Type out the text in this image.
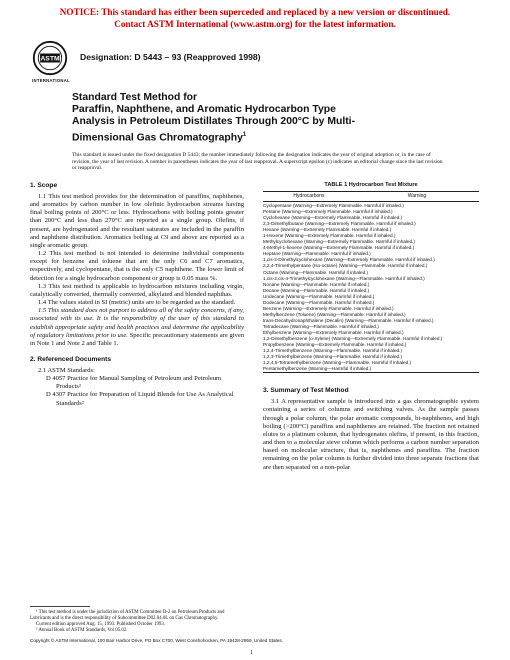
NOTICE: This standard has either been superceded and replaced by a new version or discontinued.
Contact ASTM International (www.astm.org) for the latest information.
ASTM
INTERNATIONAL
Designation: D 5443 – 93 (Reapproved 1998)
Standard Test Method for
Paraffin, Naphthene, and Aromatic Hydrocarbon Type
Analysis in Petroleum Distillates Through 200°C by Multi-
Dimensional Gas Chromatography$^1$
This standard is issued under the fixed designation D 5443; the number immediately following the designation indicates the year of original adoption or, in the case of revision, the year of last revision. A number in parentheses indicates the year of last reapproval. A superscript epsilon (ε) indicates an editorial change since the last revision or reapproval.
1. Scope

1.1 This test method provides for the determination of paraffins, naphthenes, and aromatics by carbon number in low olefinic hydrocarbon streams having final boiling points of 200°C or less. Hydrocarbons with boiling points greater than 200°C and less than 270°C are reported as a single group. Olefins, if present, are hydrogenated and the resultant saturates are included in the paraffin and naphthene distribution. Aromatics boiling at C9 and above are reported as a single aromatic group.

1.2 This test method is not intended to determine individual components except for benzene and toluene that are the only C6 and C7 aromatics, respectively, and cyclopentane, that is the only C5 naphthene. The lower limit of detection for a single hydrocarbon component or group is 0.05 mass %.

1.3 This test method is applicable to hydrocarbon mixtures including virgin, catalytically converted, thermally converted, alkylated and blended naphthas.

1.4 The values stated in SI (metric) units are to be regarded as the standard.

1.5 This standard does not purport to address all of the safety concerns, if any, associated with its use. It is the responsibility of the user of this standard to establish appropriate safety and health practices and determine the applicability of regulatory limitations prior to use. Specific precautionary statements are given in Note 1 and Note 2 and Table 1.

2. Referenced Documents
2.1 ASTM Standards:
D 4057 Practice for Manual Sampling of Petroleum and Petroleum Products²
D 4307 Practice for Preparation of Liquid Blends for Use As Analytical Standards²
¹ This test method is under the jurisdiction of ASTM Committee D-2 on Petroleum Products and Lubricants and is the direct responsibility of Subcommittee D02.04.0L on Gas Chromatography.
Current edition approved Aug. 15, 1993. Published October 1993.
² Annual Book of ASTM Standards, Vol 05.02.
TABLE 1 Hydrocarbon Test Mixture
Hydrocarbons	Warning
Cyclopentane (Warning—Extremely Flammable. Harmful if inhaled.)
Pentane (Warning—Extremely Flammable. Harmful if inhaled.)
Cyclohexane (Warning—Extremely Flammable. Harmful if inhaled.)
2,3-Dimethylbutane (Warning—Extremely Flammable. Harmful if inhaled.)
Hexane (Warning—Extremely Flammable. Harmful if inhaled.)
1-Hexene (Warning—Extremely Flammable. Harmful if inhaled.)
Methylcyclohexane (Warning—Extremely Flammable. Harmful if inhaled.)
4-Methyl-1-hexene (Warning—Extremely Flammable. Harmful if inhaled.)
Heptane (Warning—Flammable. Harmful if inhaled.)
1,cis-2-Dimethylcyclohexane (Warning—Extremely Flammable. Harmful if inhaled.)
2,2,4-Trimethylpentane (Iso-octane) (Warning—Flammable. Harmful if inhaled.)
Octane (Warning—Flammable. Harmful if inhaled.)
1,cis-2,cis-4-Trimethylcyclohexane (Warning—Flammable. Harmful if inhaled.)
Nonane (Warning—Flammable. Harmful if inhaled.)
Decane (Warning—Flammable. Harmful if inhaled.)
Undecane (Warning—Flammable. Harmful if inhaled.)
Dodecane (Warning—Flammable. Harmful if inhaled.)
Benzene (Warning—Extremely Flammable. Harmful if inhaled.)
Methylbenzene (Toluene) (Warning—Flammable. Harmful if inhaled.)
trans-Decahydronaphthalene (Decalin) (Warning—Flammable. Harmful if inhaled.)
Tetradecane (Warning—Flammable. Harmful if inhaled.)
Ethylbenzene (Warning—Extremely Flammable. Harmful if inhaled.)
1,2-Dimethylbenzene (o-Xylene) (Warning—Extremely Flammable. Harmful if inhaled.)
Propylbenzene (Warning—Extremely Flammable. Harmful if inhaled.)
1,2,4-Trimethylbenzene (Warning—Flammable. Harmful if inhaled.)
1,2,3-Trimethylbenzene (Warning—Flammable. Harmful if inhaled.)
1,2,4,5-Tetramethylbenzene (Warning—Flammable. Harmful if inhaled.)
Pentamethylbenzene (Warning—Harmful if inhaled.)
3. Summary of Test Method

3.1 A representative sample is introduced into a gas chromatographic system containing a series of columns and switching valves. As the sample passes through a polar column, the polar aromatic compounds, bi-naphthenes, and high boiling (>200°C) paraffins and naphthenes are retained. The fraction not retained elutes to a platinum column, that hydrogenates olefins, if present, in this fraction, and then to a molecular sieve column which performs a carbon number separation based on molecular structure, that is, naphthenes and paraffins. The fraction remaining on the polar column is further divided into three separate fractions that are then separated on a non-polar

Copyright © ASTM International, 100 Barr Harbor Drive, PO Box C700, West Conshohocken, PA 19428-2959, United States.
1
